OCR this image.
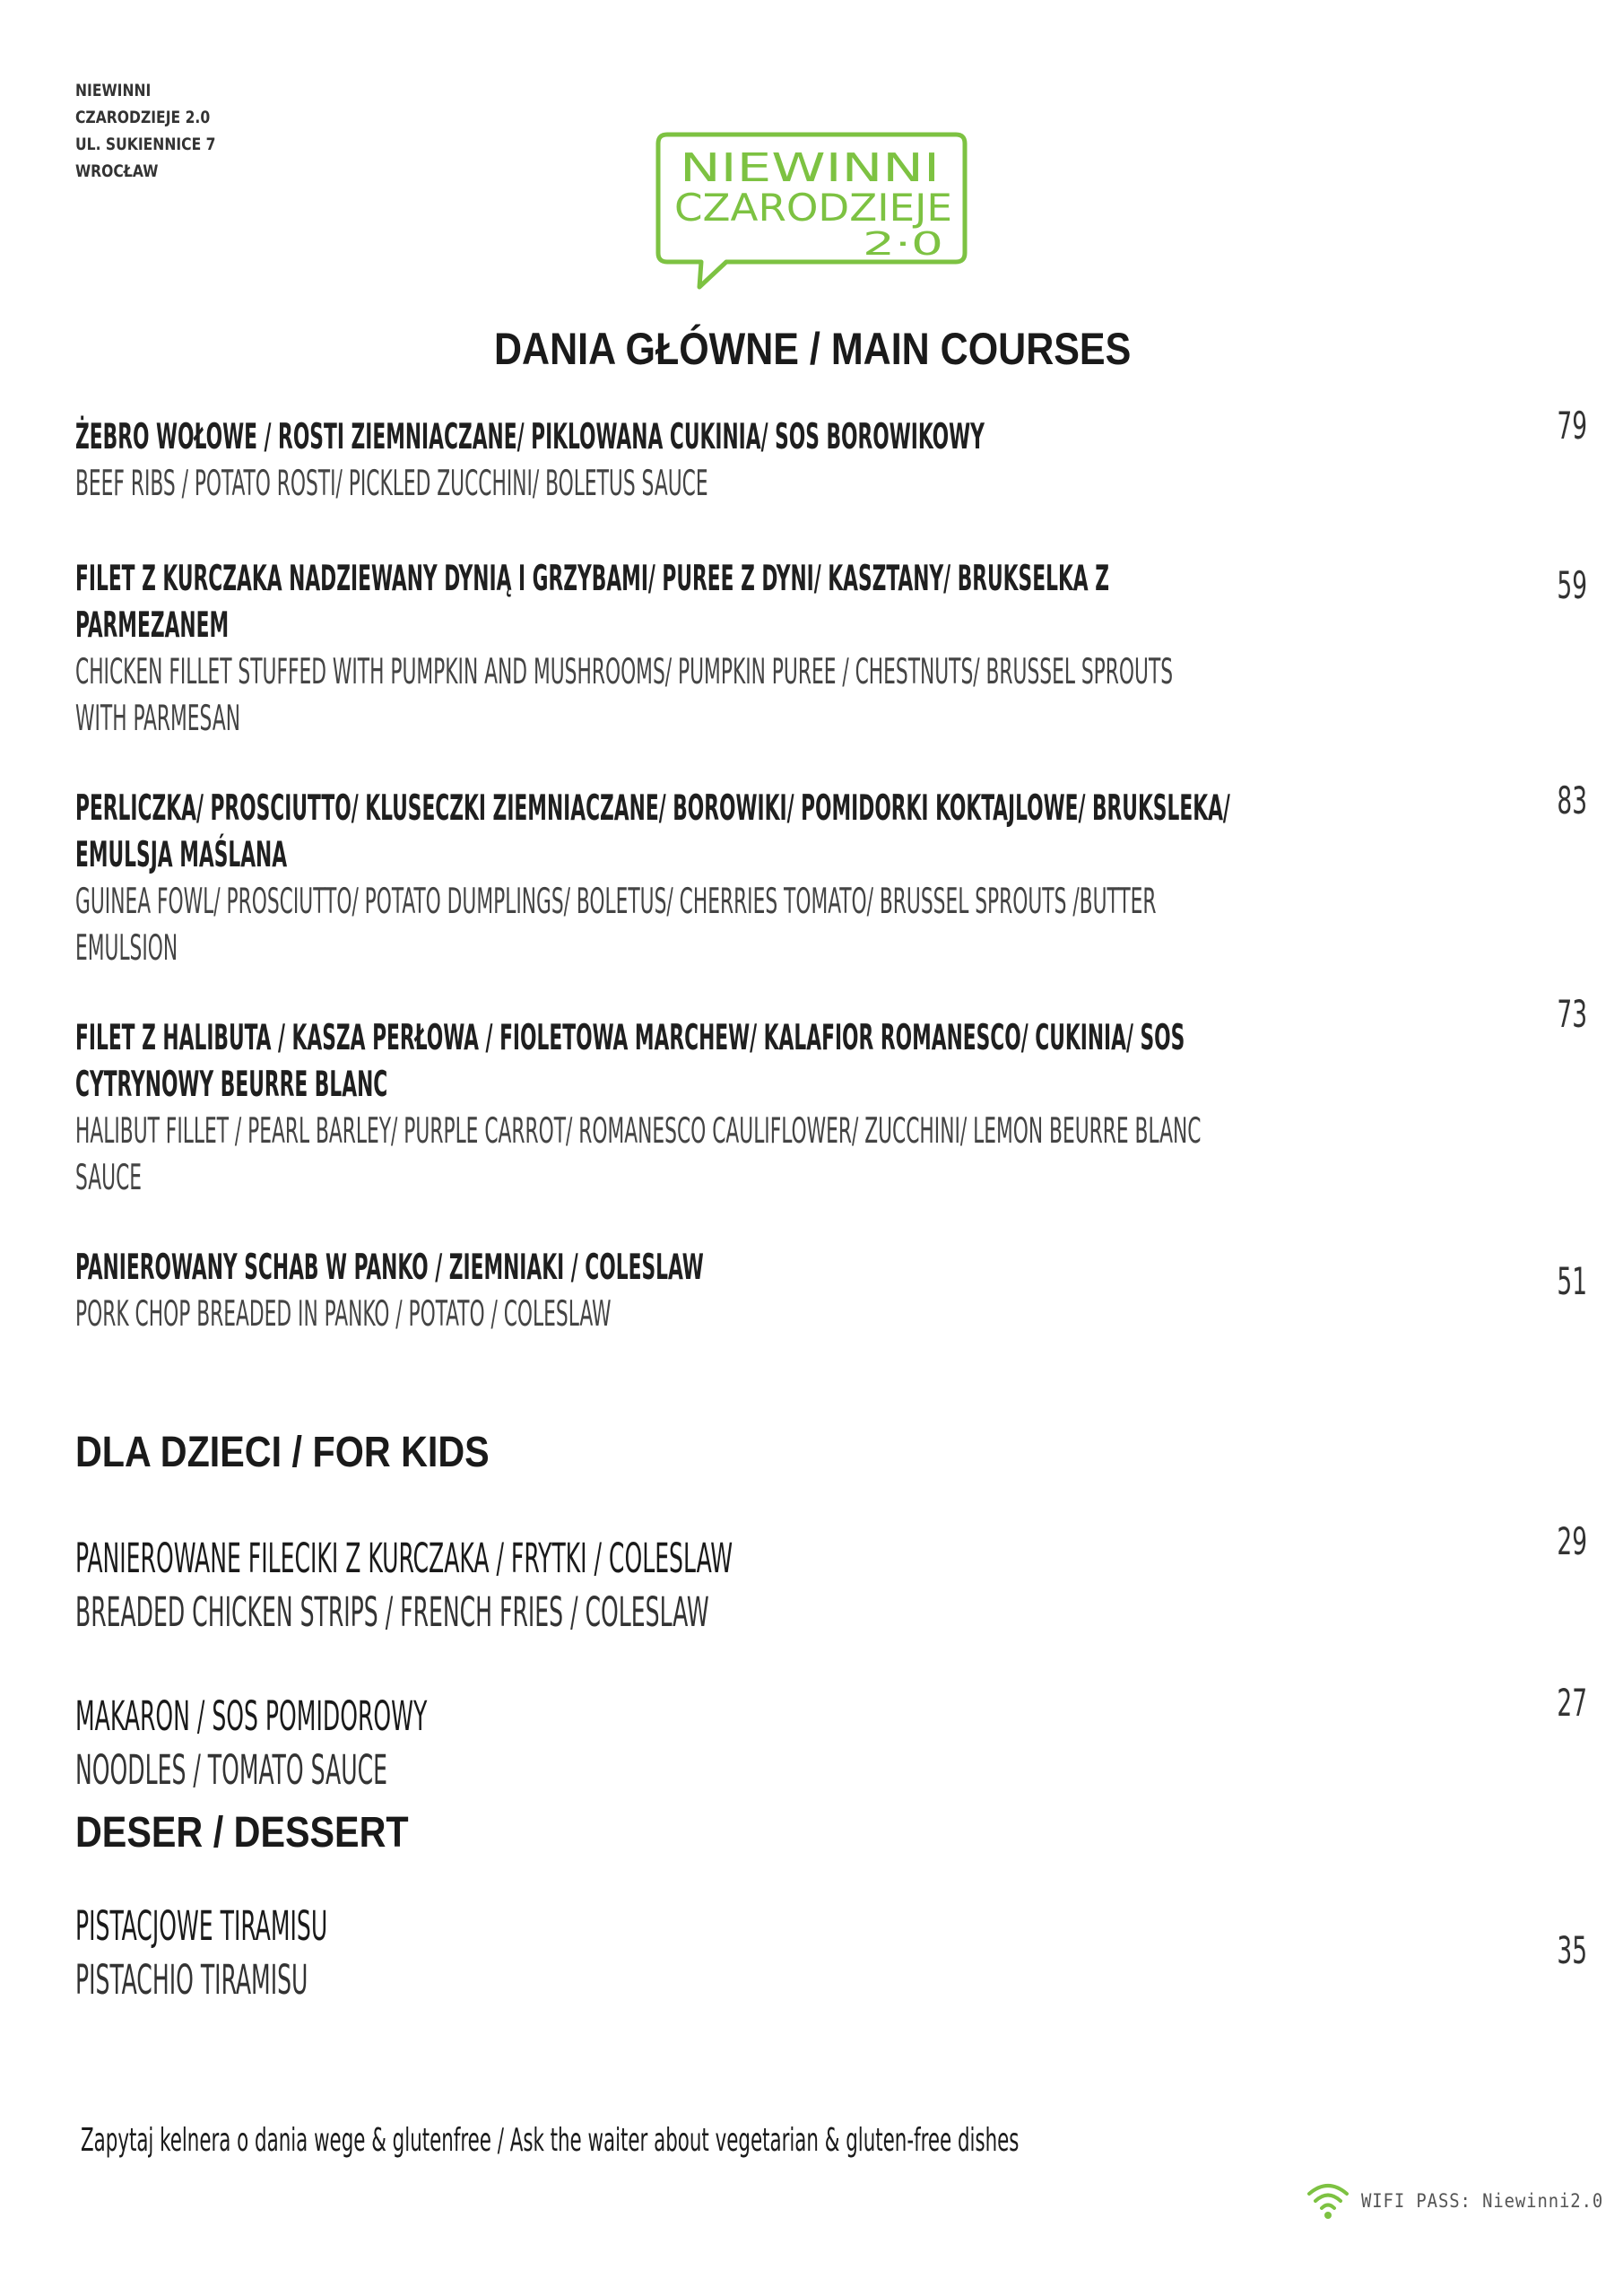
NIEWINNI
CZARODZIEJE 2.0
UL. SUKIENNICE 7
WROCŁAW	NIEWINNI
CZARODZIEJE
2·0
DANIA GŁÓWNE / MAIN COURSES
ŻEBRO WOŁOWE / ROSTI ZIEMNIACZANE/ PIKLOWANA CUKINIA/ SOS BOROWIKOWY
BEEF RIBS / POTATO ROSTI/ PICKLED ZUCCHINI/ BOLETUS SAUCE
79
FILET Z KURCZAKA NADZIEWANY DYNIĄ I GRZYBAMI/ PUREE Z DYNI/ KASZTANY/ BRUKSELKA Z
PARMEZANEM
CHICKEN FILLET STUFFED WITH PUMPKIN AND MUSHROOMS/ PUMPKIN PUREE / CHESTNUTS/ BRUSSEL SPROUTS
WITH PARMESAN
59
PERLICZKA/ PROSCIUTTO/ KLUSECZKI ZIEMNIACZANE/ BOROWIKI/ POMIDORKI KOKTAJLOWE/ BRUKSLEKA/
EMULSJA MAŚLANA
GUINEA FOWL/ PROSCIUTTO/ POTATO DUMPLINGS/ BOLETUS/ CHERRIES TOMATO/ BRUSSEL SPROUTS /BUTTER
EMULSION
83
FILET Z HALIBUTA / KASZA PERŁOWA / FIOLETOWA MARCHEW/ KALAFIOR ROMANESCO/ CUKINIA/ SOS
CYTRYNOWY BEURRE BLANC
HALIBUT FILLET / PEARL BARLEY/ PURPLE CARROT/ ROMANESCO CAULIFLOWER/ ZUCCHINI/ LEMON BEURRE BLANC
SAUCE
73
PANIEROWANY SCHAB W PANKO / ZIEMNIAKI / COLESLAW
PORK CHOP BREADED IN PANKO / POTATO / COLESLAW
51
DLA DZIECI / FOR KIDS
PANIEROWANE FILECIKI Z KURCZAKA / FRYTKI / COLESLAW
BREADED CHICKEN STRIPS / FRENCH FRIES / COLESLAW
29
MAKARON / SOS POMIDOROWY
NOODLES / TOMATO SAUCE
27
DESER / DESSERT
PISTACJOWE TIRAMISU
PISTACHIO TIRAMISU
35
Zapytaj kelnera o dania wege & glutenfree / Ask the waiter about vegetarian & gluten-free dishes
WIFI PASS: Niewinni2.0
